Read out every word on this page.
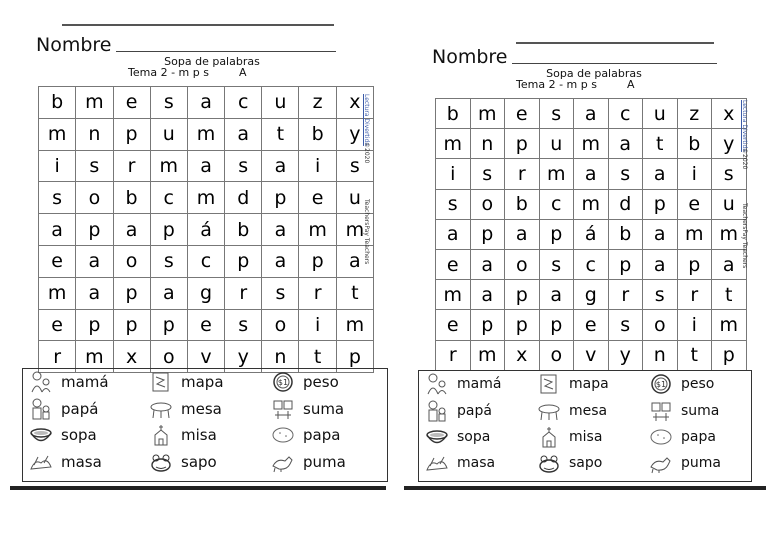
Nombre
Sopa de palabras
Tema 2 - m p s	A
b	m	e	s	a	c	u	z	x
m	n	p	u	m	a	t	b	y
i	s	r	m	a	s	a	i	s
s	o	b	c	m	d	p	e	u
a	p	a	p	á	b	a	m	m
e	a	o	s	c	p	a	p	a
m	a	p	a	g	r	s	r	t
e	p	p	p	e	s	o	i	m
r	m	x	o	v	y	n	t	p
Lectura Divertida
©2020
TeachersPay Teachers
mamá	mapa	$1 peso
papá	mesa	suma
sopa	misa	papa
masa	sapo	puma
Nombre
Sopa de palabras
Tema 2 - m p s	A
b	m	e	s	a	c	u	z	x
m	n	p	u	m	a	t	b	y
i	s	r	m	a	s	a	i	s
s	o	b	c	m	d	p	e	u
a	p	a	p	á	b	a	m	m
e	a	o	s	c	p	a	p	a
m	a	p	a	g	r	s	r	t
e	p	p	p	e	s	o	i	m
r	m	x	o	v	y	n	t	p
Lectura Divertida
©2020
TeachersPay Teachers
mamá	mapa	$1 peso
papá	mesa	suma
sopa	misa	papa
masa	sapo	puma
